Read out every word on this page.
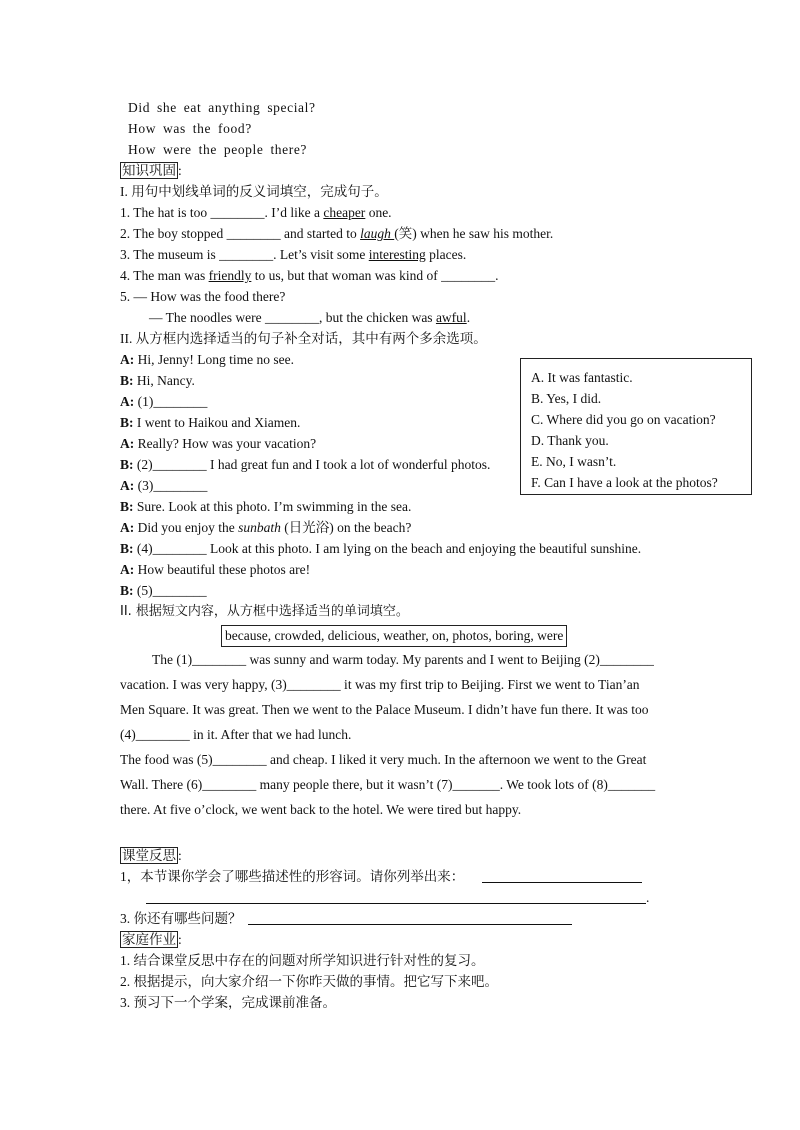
Did she eat anything special?
How was the food?
How were the people there?
知识巩固 :
I. 用句中划线单词的反义词填空，完成句子。
1. The hat is too ________. I’d like a cheaper one.
2. The boy stopped ________ and started to laugh (笑) when he saw his mother.
3. The museum is ________. Let’s visit some interesting places.
4. The man was friendly to us, but that woman was kind of ________.
5. — How was the food there?
— The noodles were ________, but the chicken was awful.
II. 从方框内选择适当的句子补全对话，其中有两个多余选项。
A: Hi, Jenny! Long time no see.
B: Hi, Nancy.
A: (1)________
B: I went to Haikou and Xiamen.
A: Really? How was your vacation?
B: (2)________ I had great fun and I took a lot of wonderful photos.
A: (3)________
B: Sure. Look at this photo. I’m swimming in the sea.
A: Did you enjoy the sunbath (日光浴) on the beach?
B: (4)________ Look at this photo. I am lying on the beach and enjoying the beautiful sunshine.
A: How beautiful these photos are!
B: (5)________
A. It was fantastic.
B. Yes, I did.
C. Where did you go on vacation?
D. Thank you.
E. No, I wasn’t.
F. Can I have a look at the photos?
II. 根据短文内容，从方框中选择适当的单词填空。
because, crowded, delicious, weather, on, photos, boring, were
The (1)________ was sunny and warm today. My parents and I went to Beijing (2)________
vacation. I was very happy, (3)________ it was my first trip to Beijing. First we went to Tian’an
Men Square. It was great. Then we went to the Palace Museum. I didn’t have fun there. It was too
(4)________ in it. After that we had lunch.
The food was (5)________ and cheap. I liked it very much. In the afternoon we went to the Great
Wall. There (6)________ many people there, but it wasn’t (7)_______. We took lots of (8)_______
there. At five o’clock, we went back to the hotel. We were tired but happy.
课堂反思 :
1，本节课你学会了哪些描述性的形容词。请你列举出来：
.
3. 你还有哪些问题？
家庭作业 :
1. 结合课堂反思中存在的问题对所学知识进行针对性的复习。
2. 根据提示，向大家介绍一下你昨天做的事情。把它写下来吧。
3. 预习下一个学案，完成课前准备。
